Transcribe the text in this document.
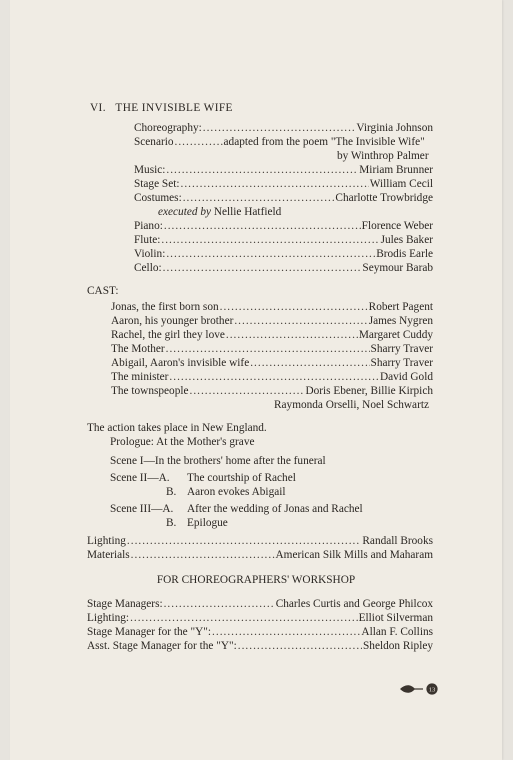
VI. THE INVISIBLE WIFE
Choreography: .....	Virginia Johnson
Scenario .....	adapted from the poem "The Invisible Wife"
by Winthrop Palmer
Music: .....	Miriam Brunner
Stage Set: .....	William Cecil
Costumes: .....	Charlotte Trowbridge
executed by Nellie Hatfield
Piano: .....	Florence Weber
Flute: .....	Jules Baker
Violin: .....	Brodis Earle
Cello: .....	Seymour Barab
CAST:
Jonas, the first born son .....	Robert Pagent
Aaron, his younger brother .....	James Nygren
Rachel, the girl they love .....	Margaret Cuddy
The Mother .....	Sharry Traver
Abigail, Aaron's invisible wife .....	Sharry Traver
The minister .....	David Gold
The townspeople .....	Doris Ebener, Billie Kirpich
Raymonda Orselli, Noel Schwartz
The action takes place in New England.
Prologue: At the Mother's grave
Scene I—In the brothers' home after the funeral
Scene II—A. The courtship of Rachel
B. Aaron evokes Abigail
Scene III—A. After the wedding of Jonas and Rachel
B. Epilogue
Lighting .....	Randall Brooks
Materials .....	American Silk Mills and Maharam
FOR CHOREOGRAPHERS' WORKSHOP
Stage Managers: .....	Charles Curtis and George Philcox
Lighting: .....	Elliot Silverman
Stage Manager for the "Y": .....	Allan F. Collins
Asst. Stage Manager for the "Y": .....	Sheldon Ripley
13
